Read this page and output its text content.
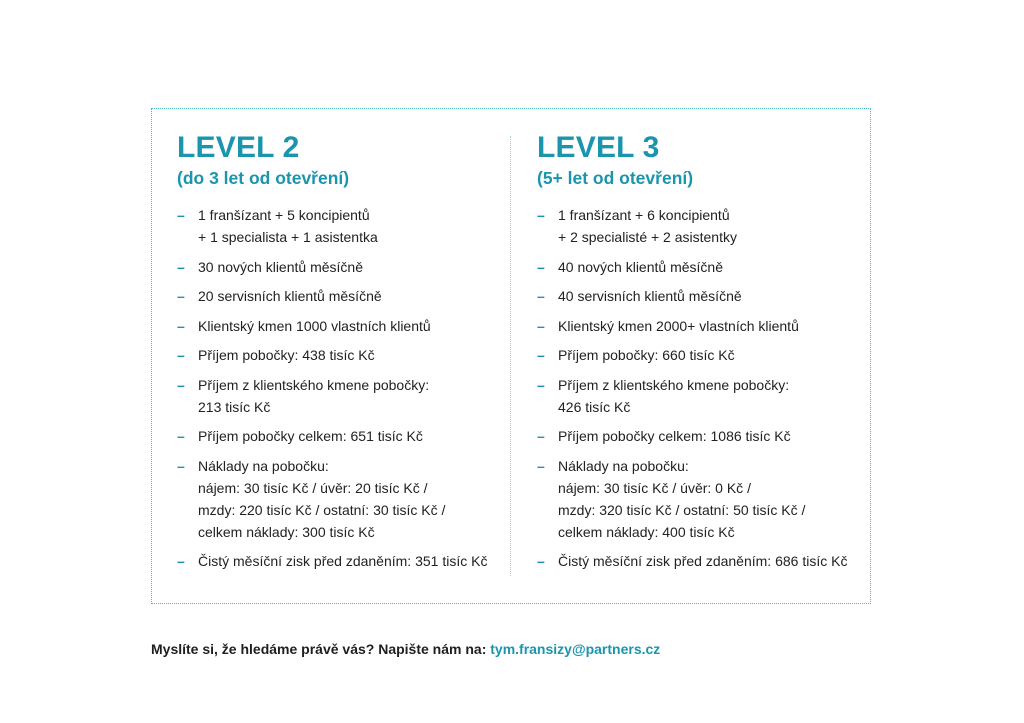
LEVEL 2

(do 3 let od otevření)

– 1 franšízant + 5 koncipientů
+ 1 specialista + 1 asistentka
– 30 nových klientů měsíčně
– 20 servisních klientů měsíčně
– Klientský kmen 1000 vlastních klientů
– Příjem pobočky: 438 tisíc Kč
– Příjem z klientského kmene pobočky:
213 tisíc Kč
– Příjem pobočky celkem: 651 tisíc Kč
– Náklady na pobočku:
nájem: 30 tisíc Kč / úvěr: 20 tisíc Kč /
mzdy: 220 tisíc Kč / ostatní: 30 tisíc Kč /
celkem náklady: 300 tisíc Kč
– Čistý měsíční zisk před zdaněním: 351 tisíc Kč
LEVEL 3

(5+ let od otevření)

– 1 franšízant + 6 koncipientů
+ 2 specialisté + 2 asistentky
– 40 nových klientů měsíčně
– 40 servisních klientů měsíčně
– Klientský kmen 2000+ vlastních klientů
– Příjem pobočky: 660 tisíc Kč
– Příjem z klientského kmene pobočky:
426 tisíc Kč
– Příjem pobočky celkem: 1086 tisíc Kč
– Náklady na pobočku:
nájem: 30 tisíc Kč / úvěr: 0 Kč /
mzdy: 320 tisíc Kč / ostatní: 50 tisíc Kč /
celkem náklady: 400 tisíc Kč
– Čistý měsíční zisk před zdaněním: 686 tisíc Kč
Myslíte si, že hledáme právě vás? Napište nám na: tym.fransizy@partners.cz
